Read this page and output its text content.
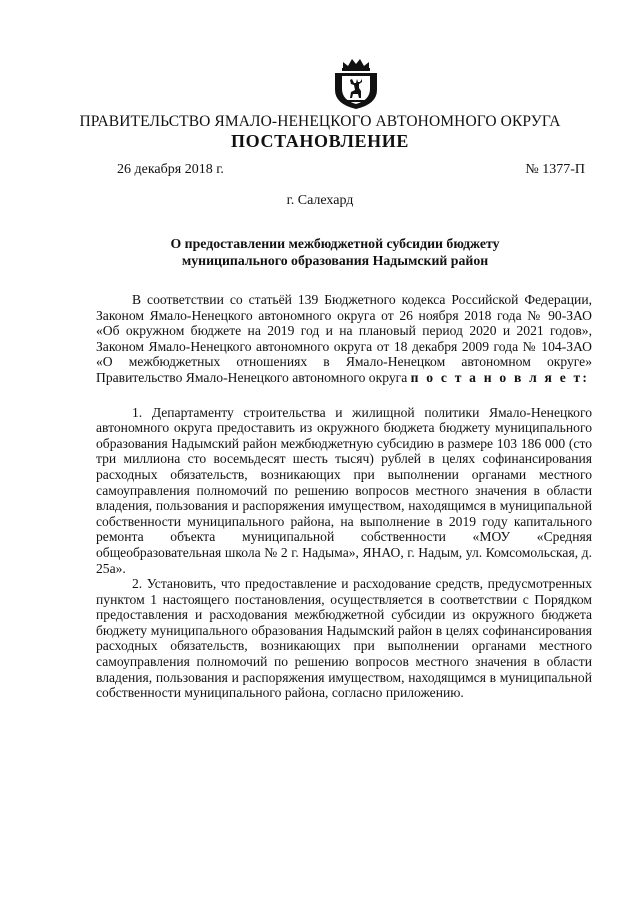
ПРАВИТЕЛЬСТВО ЯМАЛО-НЕНЕЦКОГО АВТОНОМНОГО ОКРУГА
ПОСТАНОВЛЕНИЕ
26 декабря 2018 г.	№ 1377-П
г. Салехард
О предоставлении межбюджетной субсидии бюджету
муниципального образования Надымский район

В соответствии со статьёй 139 Бюджетного кодекса Российской Федерации, Законом Ямало-Ненецкого автономного округа от 26 ноября 2018 года № 90-ЗАО «Об окружном бюджете на 2019 год и на плановый период 2020 и 2021 годов», Законом Ямало-Ненецкого автономного округа от 18 декабря 2009 года № 104-ЗАО «О межбюджетных отношениях в Ямало-Ненецком автономном округе» Правительство Ямало-Ненецкого автономного округа п о с т а н о в л я е т:

1. Департаменту строительства и жилищной политики Ямало-Ненецкого автономного округа предоставить из окружного бюджета бюджету муниципального образования Надымский район межбюджетную субсидию в размере 103 186 000 (сто три миллиона сто восемьдесят шесть тысяч) рублей в целях софинансирования расходных обязательств, возникающих при выполнении органами местного самоуправления полномочий по решению вопросов местного значения в области владения, пользования и распоряжения имуществом, находящимся в муниципальной собственности муниципального района, на выполнение в 2019 году капитального ремонта объекта муниципальной собственности «МОУ «Средняя общеобразовательная школа № 2 г. Надыма», ЯНАО, г. Надым, ул. Комсомольская, д. 25а».

2. Установить, что предоставление и расходование средств, предусмотренных пунктом 1 настоящего постановления, осуществляется в соответствии с Порядком предоставления и расходования межбюджетной субсидии из окружного бюджета бюджету муниципального образования Надымский район в целях софинансирования расходных обязательств, возникающих при выполнении органами местного самоуправления полномочий по решению вопросов местного значения в области владения, пользования и распоряжения имуществом, находящимся в муниципальной собственности муниципального района, согласно приложению.
